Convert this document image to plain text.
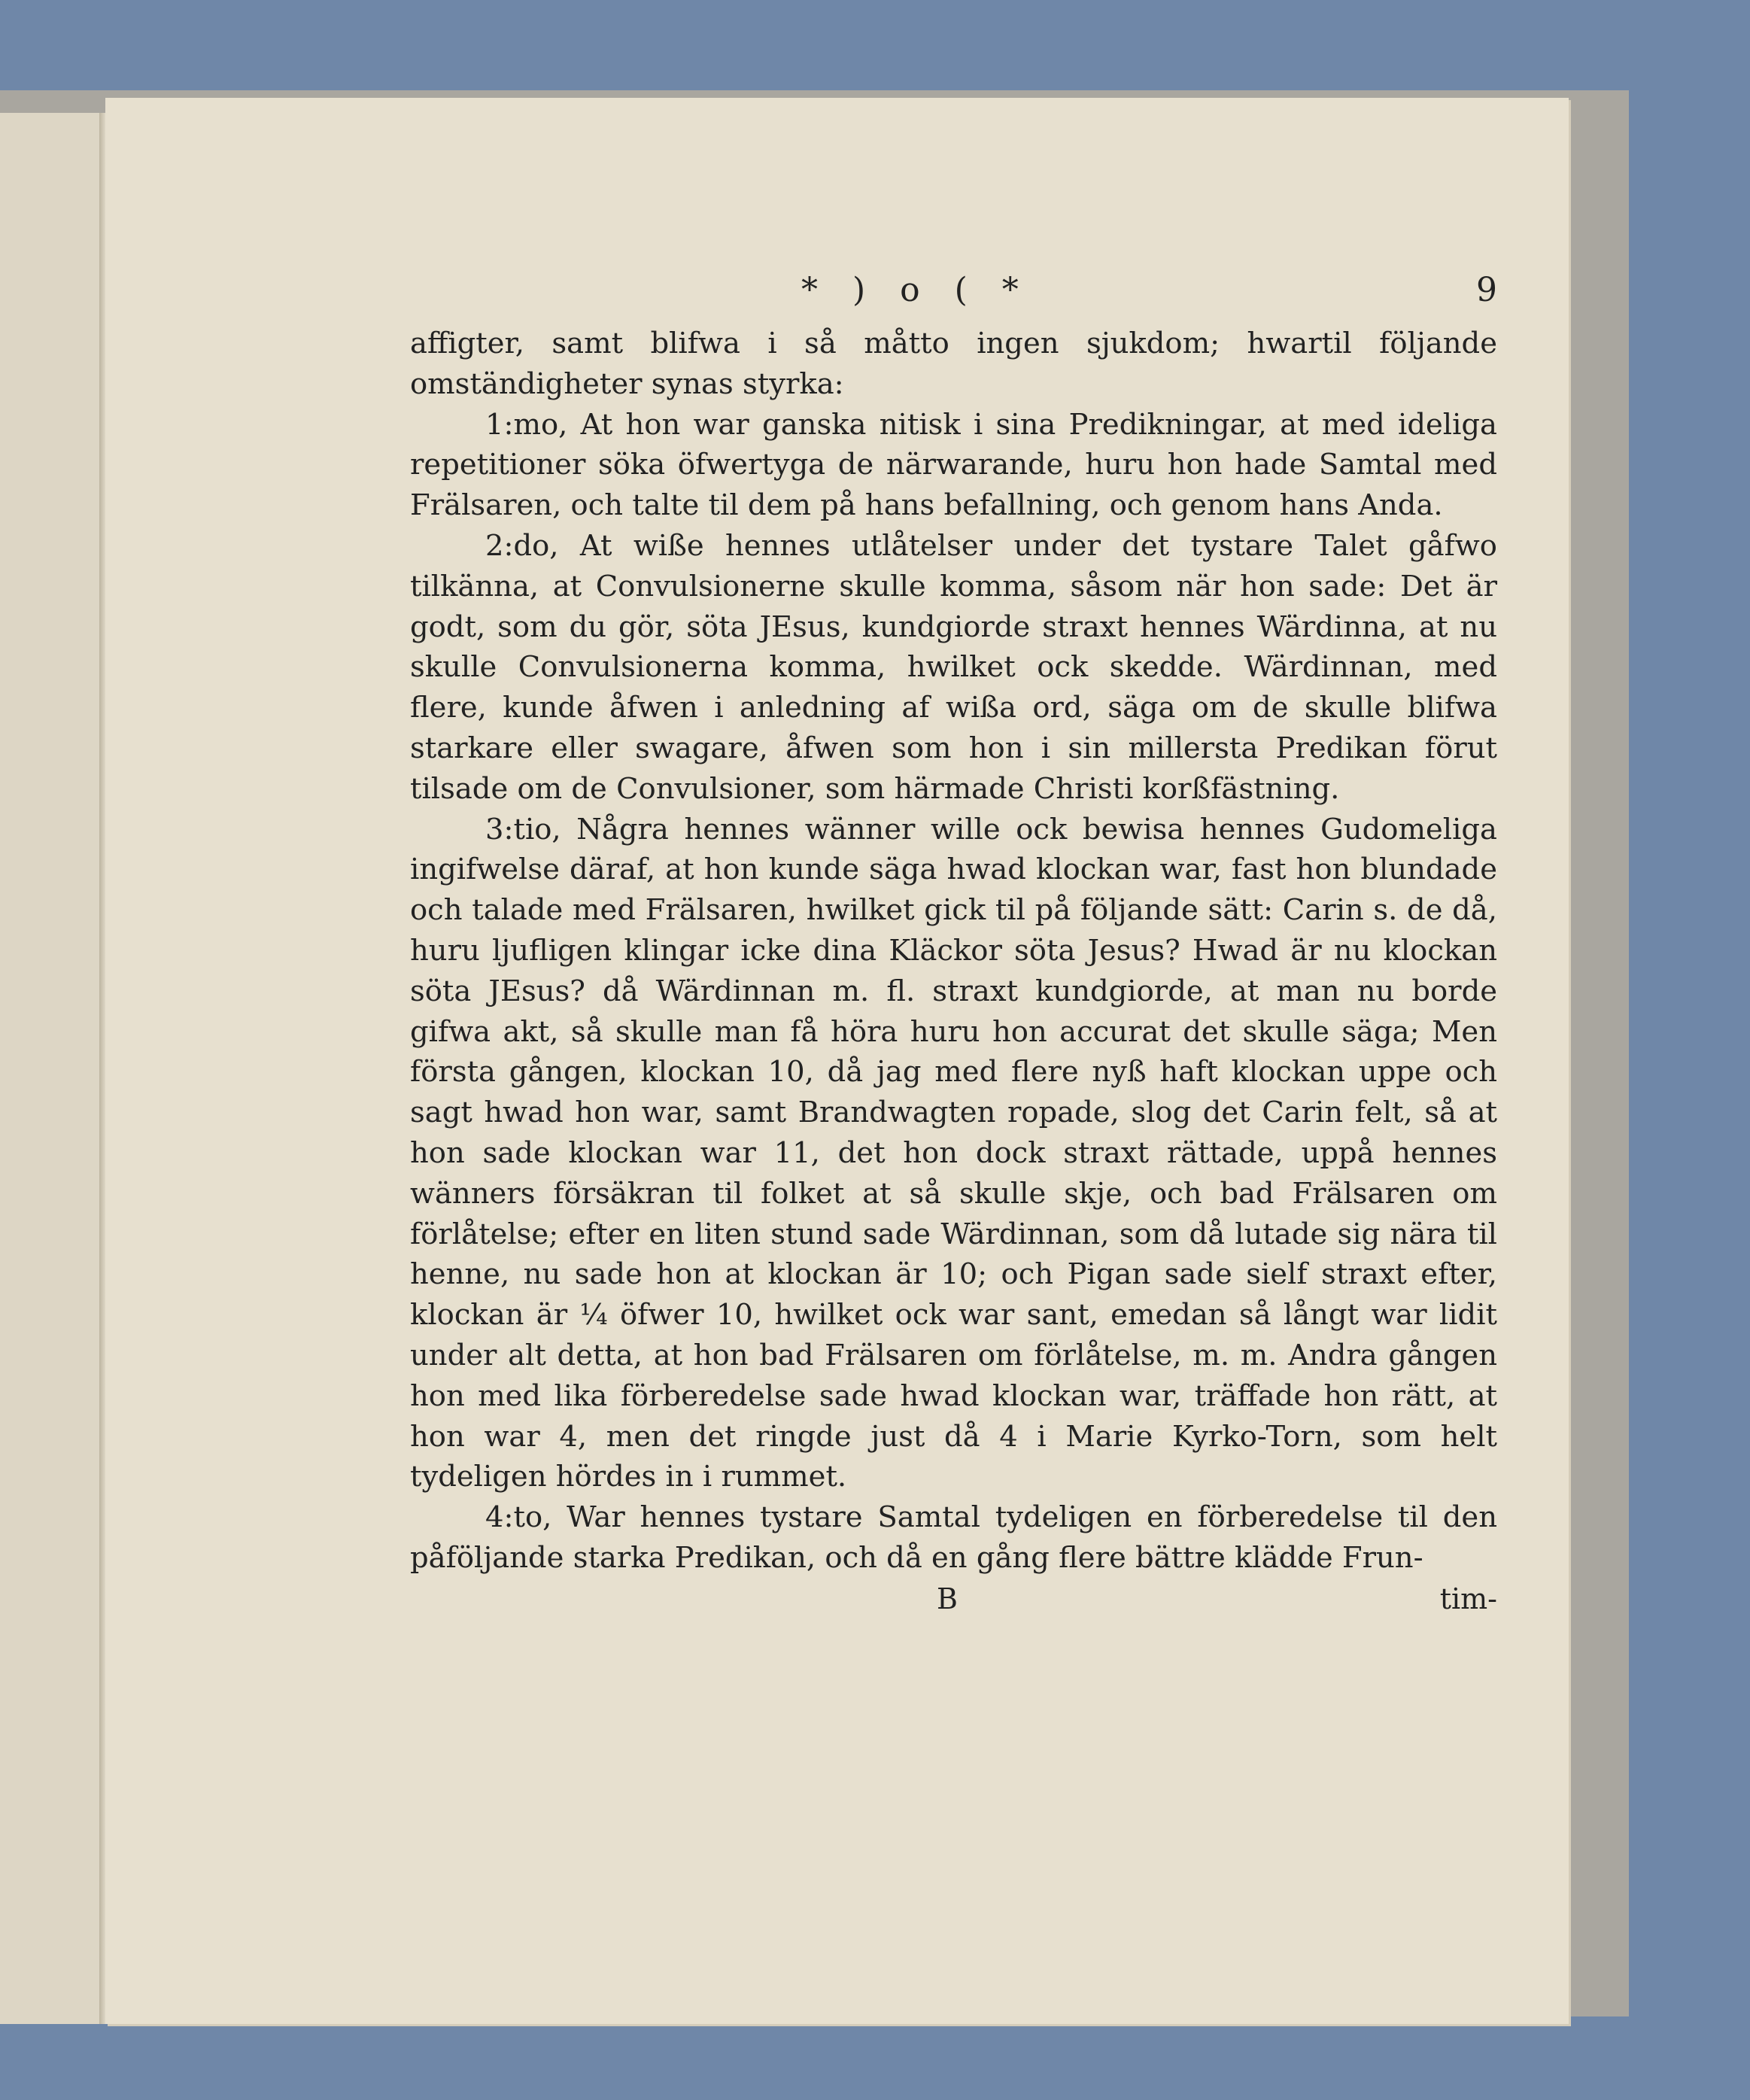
* ) o ( *	9

affigter, samt blifwa i så måtto ingen sjukdom; hwartil följande omständigheter synas styrka:

1:mo, At hon war ganska nitisk i sina Predikningar, at med ideliga repetitioner söka öfwertyga de närwarande, huru hon hade Samtal med Frälsaren, och talte til dem på hans befallning, och genom hans Anda.

2:do, At wiße hennes utlåtelser under det tystare Talet gåfwo tilkänna, at Convulsionerne skulle komma, såsom när hon sade: Det är godt, som du gör, söta JEsus, kundgiorde straxt hennes Wärdinna, at nu skulle Convulsionerna komma, hwilket ock skedde. Wärdinnan, med flere, kunde åfwen i anledning af wißa ord, säga om de skulle blifwa starkare eller swagare, åfwen som hon i sin millersta Predikan förut tilsade om de Convulsioner, som härmade Christi korßfästning.

3:tio, Några hennes wänner wille ock bewisa hennes Gudomeliga ingifwelse däraf, at hon kunde säga hwad klockan war, fast hon blundade och talade med Frälsaren, hwilket gick til på följande sätt: Carin s. de då, huru ljufligen klingar icke dina Kläckor söta Jesus? Hwad är nu klockan söta JEsus? då Wärdinnan m. fl. straxt kundgiorde, at man nu borde gifwa akt, så skulle man få höra huru hon accurat det skulle säga; Men första gången, klockan 10, då jag med flere nyß haft klockan uppe och sagt hwad hon war, samt Brandwagten ropade, slog det Carin felt, så at hon sade klockan war 11, det hon dock straxt rättade, uppå hennes wänners försäkran til folket at så skulle skje, och bad Frälsaren om förlåtelse; efter en liten stund sade Wärdinnan, som då lutade sig nära til henne, nu sade hon at klockan är 10; och Pigan sade sielf straxt efter, klockan är ¼ öfwer 10, hwilket ock war sant, emedan så långt war lidit under alt detta, at hon bad Frälsaren om förlåtelse, m. m. Andra gången hon med lika förberedelse sade hwad klockan war, träffade hon rätt, at hon war 4, men det ringde just då 4 i Marie Kyrko-Torn, som helt tydeligen hördes in i rummet.

4:to, War hennes tystare Samtal tydeligen en förberedelse til den påföljande starka Predikan, och då en gång flere bättre klädde Frun-

B	tim-
